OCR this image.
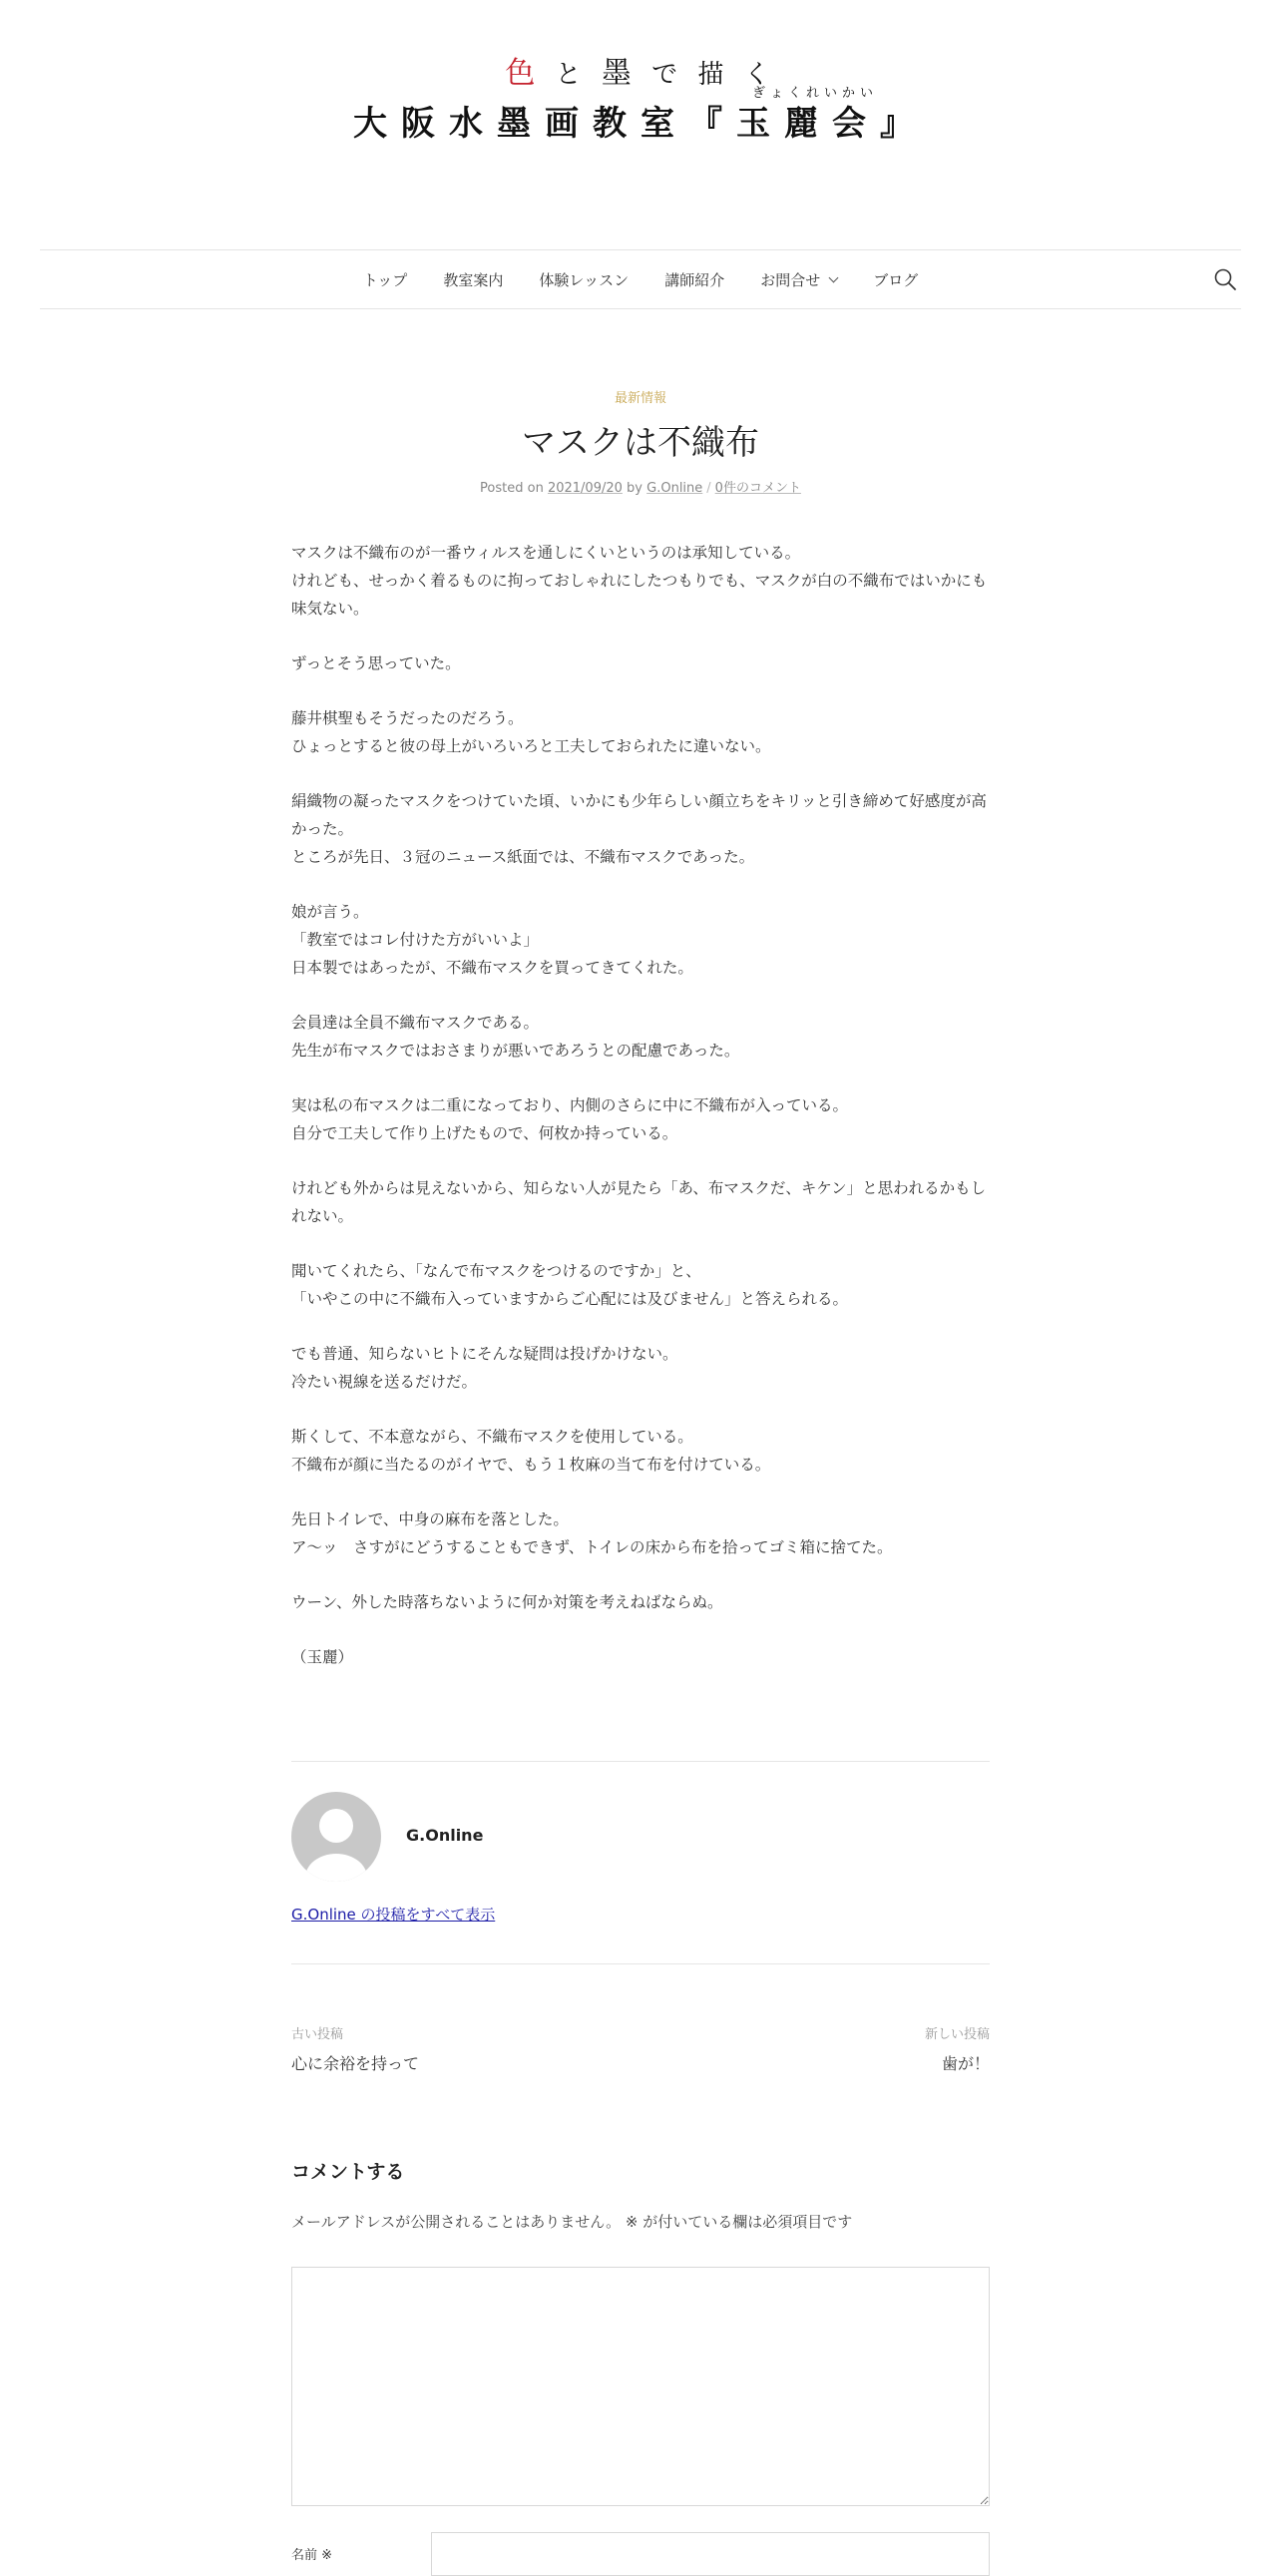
色 と 墨 で 描 く
ぎょくれいかい
大阪水墨画教室『玉麗会』
トップ	教室案内	体験レッスン	講師紹介	お問合せ	ブログ
最新情報
マスクは不織布
Posted on 2021/09/20 by G.Online / 0件のコメント

マスクは不織布のが一番ウィルスを通しにくいというのは承知している。
けれども、せっかく着るものに拘っておしゃれにしたつもりでも、マスクが白の不織布ではいかにも味気ない。

ずっとそう思っていた。

藤井棋聖もそうだったのだろう。
ひょっとすると彼の母上がいろいろと工夫しておられたに違いない。

絹織物の凝ったマスクをつけていた頃、いかにも少年らしい顔立ちをキリッと引き締めて好感度が高かった。
ところが先日、３冠のニュース紙面では、不織布マスクであった。

娘が言う。
「教室ではコレ付けた方がいいよ」
日本製ではあったが、不織布マスクを買ってきてくれた。

会員達は全員不織布マスクである。
先生が布マスクではおさまりが悪いであろうとの配慮であった。

実は私の布マスクは二重になっており、内側のさらに中に不織布が入っている。
自分で工夫して作り上げたもので、何枚か持っている。

けれども外からは見えないから、知らない人が見たら「あ、布マスクだ、キケン」と思われるかもしれない。

聞いてくれたら、「なんで布マスクをつけるのですか」と、
「いやこの中に不織布入っていますからご心配には及びません」と答えられる。

でも普通、知らないヒトにそんな疑問は投げかけない。
冷たい視線を送るだけだ。

斯くして、不本意ながら、不織布マスクを使用している。
不織布が顔に当たるのがイヤで、もう１枚麻の当て布を付けている。

先日トイレで、中身の麻布を落とした。
ア〜ッ　さすがにどうすることもできず、トイレの床から布を拾ってゴミ箱に捨てた。

ウーン、外した時落ちないように何か対策を考えねばならぬ。

（玉麗）

G.Online
G.Online の投稿をすべて表示
古い投稿
心に余裕を持って
新しい投稿
歯が！
コメントする
メールアドレスが公開されることはありません。 ※ が付いている欄は必須項目です
名前 ※
